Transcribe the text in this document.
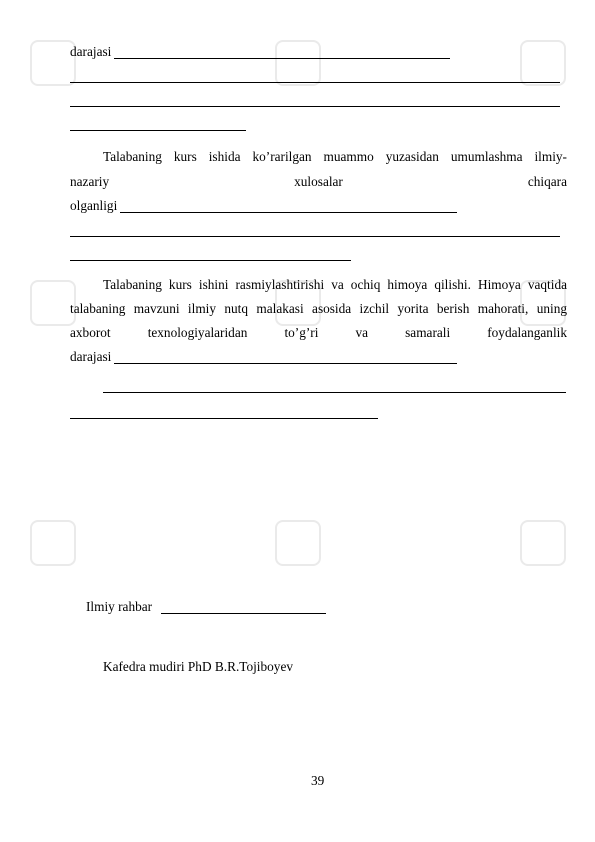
darajasi
Talabaning kurs ishida ko’rarilgan muammo yuzasidan umumlashma ilmiy-
nazariy	xulosalar	chiqara
olganligi
Talabaning kurs ishini rasmiylashtirishi va ochiq himoya qilishi. Himoya vaqtida
talabaning mavzuni ilmiy nutq malakasi asosida izchil yorita berish mahorati, uning
axborot	texnologiyalaridan	to’g’ri	va	samarali	foydalanganlik
darajasi
Ilmiy rahbar
Kafedra mudiri PhD B.R.Tojiboyev
39
